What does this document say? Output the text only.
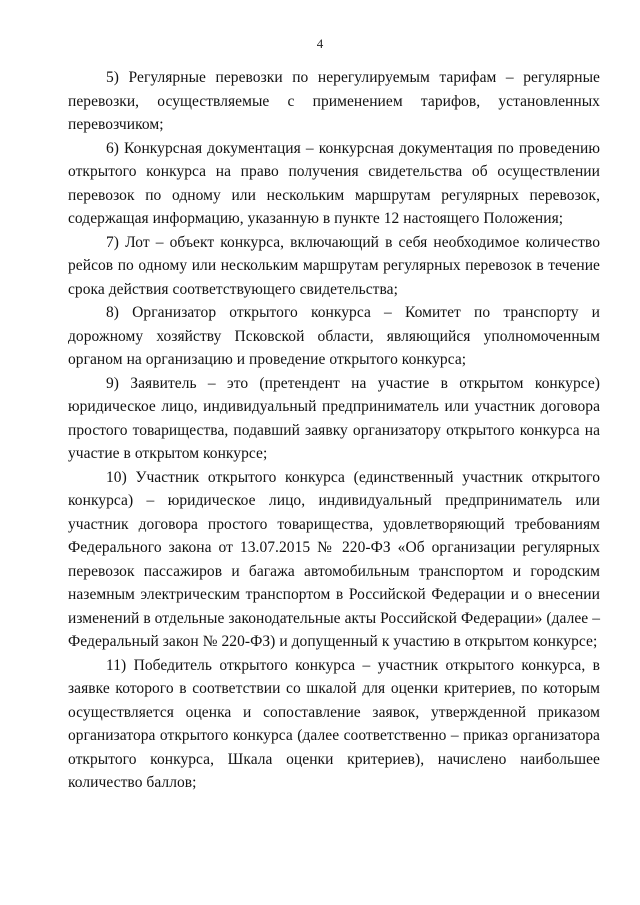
4

5) Регулярные перевозки по нерегулируемым тарифам – регулярные перевозки, осуществляемые с применением тарифов, установленных перевозчиком;

6) Конкурсная документация – конкурсная документация по проведению открытого конкурса на право получения свидетельства об осуществлении перевозок по одному или нескольким маршрутам регулярных перевозок, содержащая информацию, указанную в пункте 12 настоящего Положения;

7) Лот – объект конкурса, включающий в себя необходимое количество рейсов по одному или нескольким маршрутам регулярных перевозок в течение срока действия соответствующего свидетельства;

8) Организатор открытого конкурса – Комитет по транспорту и дорожному хозяйству Псковской области, являющийся уполномоченным органом на организацию и проведение открытого конкурса;

9) Заявитель – это (претендент на участие в открытом конкурсе) юридическое лицо, индивидуальный предприниматель или участник договора простого товарищества, подавший заявку организатору открытого конкурса на участие в открытом конкурсе;

10) Участник открытого конкурса (единственный участник открытого конкурса) – юридическое лицо, индивидуальный предприниматель или участник договора простого товарищества, удовлетворяющий требованиям Федерального закона от 13.07.2015 № 220-ФЗ «Об организации регулярных перевозок пассажиров и багажа автомобильным транспортом и городским наземным электрическим транспортом в Российской Федерации и о внесении изменений в отдельные законодательные акты Российской Федерации» (далее – Федеральный закон № 220-ФЗ) и допущенный к участию в открытом конкурсе;

11) Победитель открытого конкурса – участник открытого конкурса, в заявке которого в соответствии со шкалой для оценки критериев, по которым осуществляется оценка и сопоставление заявок, утвержденной приказом организатора открытого конкурса (далее соответственно – приказ организатора открытого конкурса, Шкала оценки критериев), начислено наибольшее количество баллов;
